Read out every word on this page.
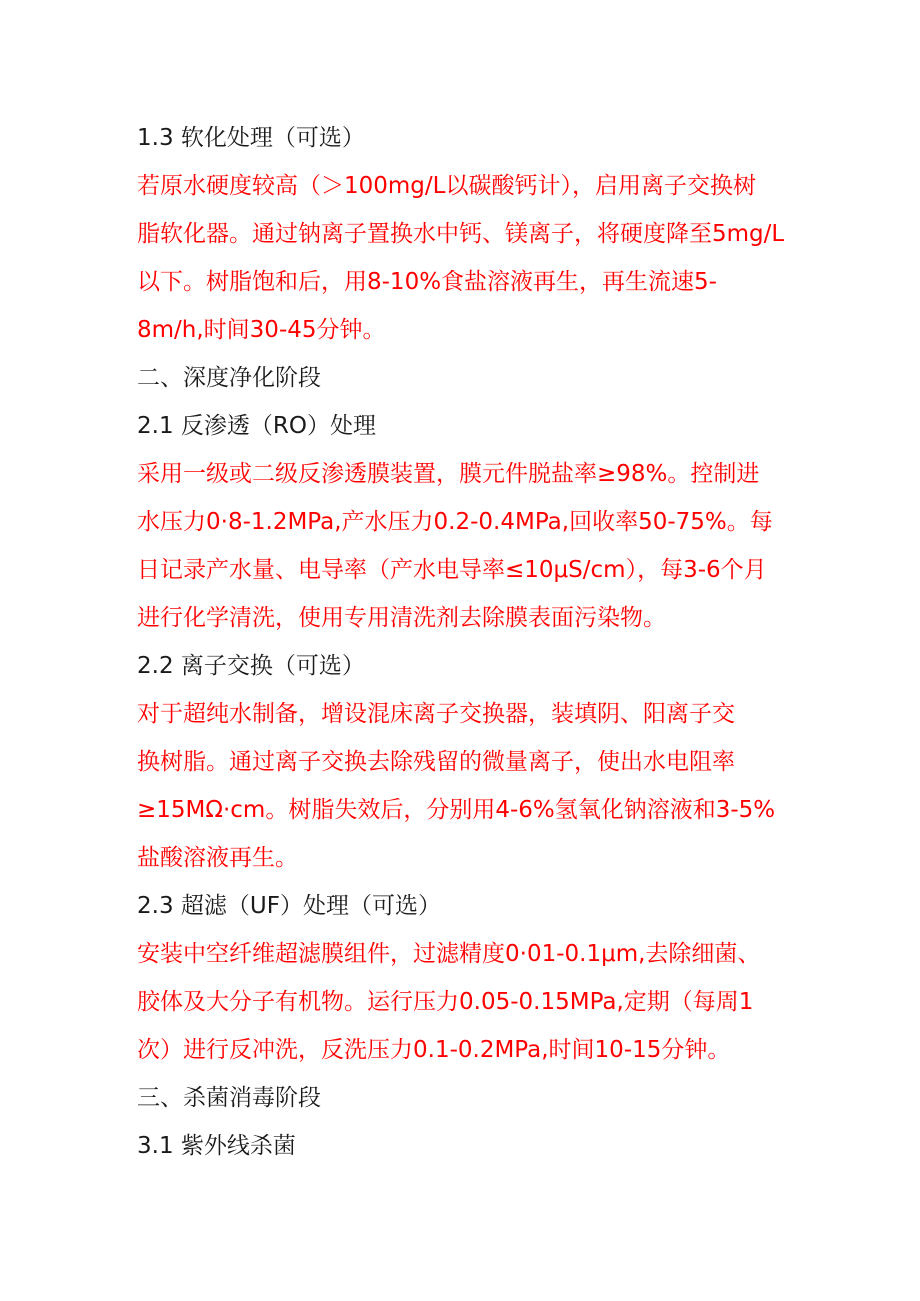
1.3 软化处理（可选）
若原水硬度较高（＞100mg/L以碳酸钙计），启用离子交换树
脂软化器。通过钠离子置换水中钙、镁离子，将硬度降至5mg/L
以下。树脂饱和后，用8-10%食盐溶液再生，再生流速5-
8m/h,时间30-45分钟。
二、深度净化阶段
2.1 反渗透（RO）处理
采用一级或二级反渗透膜装置，膜元件脱盐率≥98%。控制进
水压力0·8-1.2MPa,产水压力0.2-0.4MPa,回收率50-75%。每
日记录产水量、电导率（产水电导率≤10μS/cm），每3-6个月
进行化学清洗，使用专用清洗剂去除膜表面污染物。
2.2 离子交换（可选）
对于超纯水制备，增设混床离子交换器，装填阴、阳离子交
换树脂。通过离子交换去除残留的微量离子，使出水电阻率
≥15MΩ·cm。树脂失效后，分别用4-6%氢氧化钠溶液和3-5%
盐酸溶液再生。
2.3 超滤（UF）处理（可选）
安装中空纤维超滤膜组件，过滤精度0·01-0.1μm,去除细菌、
胶体及大分子有机物。运行压力0.05-0.15MPa,定期（每周1
次）进行反冲洗，反洗压力0.1-0.2MPa,时间10-15分钟。
三、杀菌消毒阶段
3.1 紫外线杀菌
